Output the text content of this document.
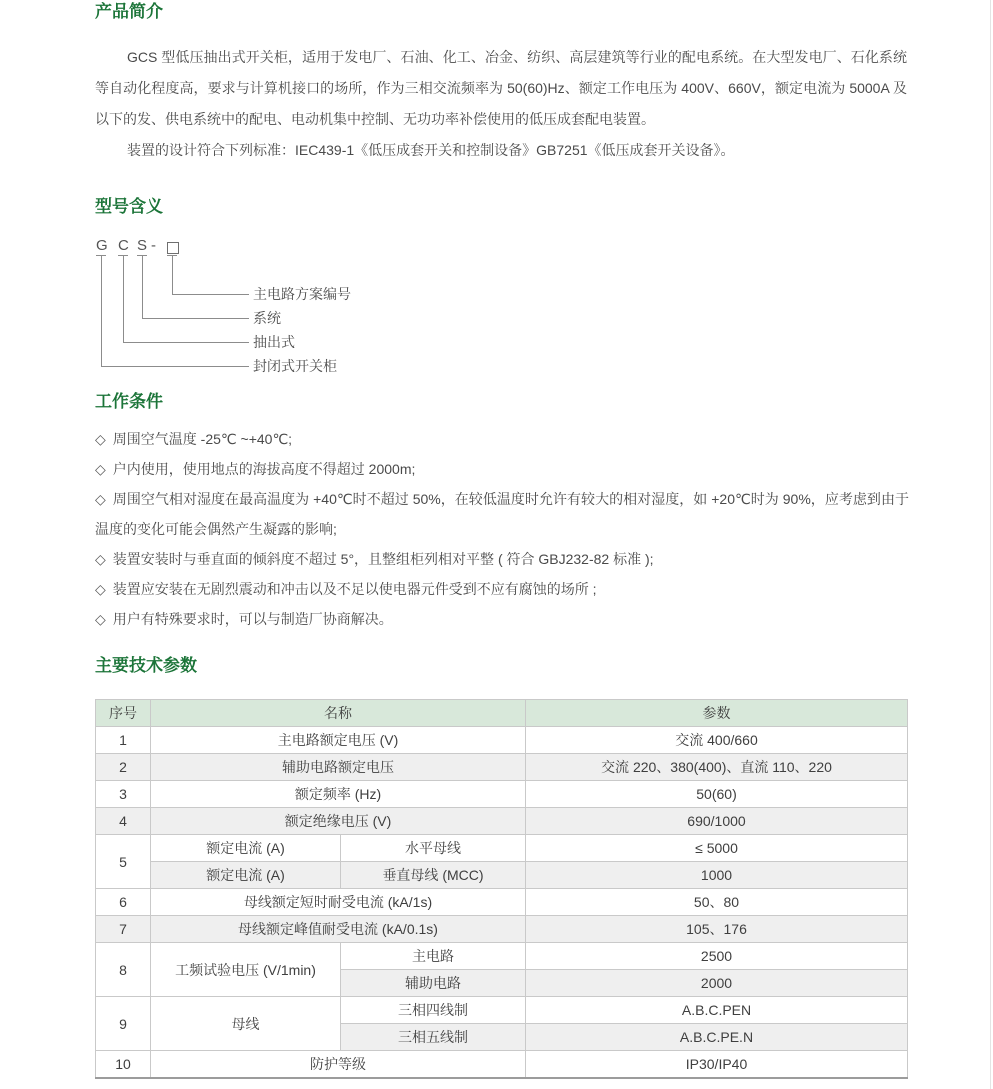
产品简介

GCS 型低压抽出式开关柜，适用于发电厂、石油、化工、冶金、纺织、高层建筑等行业的配电系统。在大型发电厂、石化系统等自动化程度高，要求与计算机接口的场所，作为三相交流频率为 50(60)Hz、额定工作电压为 400V、660V，额定电流为 5000A 及以下的发、供电系统中的配电、电动机集中控制、无功功率补偿使用的低压成套配电装置。

装置的设计符合下列标准：IEC439-1《低压成套开关和控制设备》GB7251《低压成套开关设备》。

型号含义
G C S -
主电路方案编号
系统
抽出式
封闭式开关柜
工作条件
◇ 周围空气温度 -25℃ ~+40℃;
◇ 户内使用，使用地点的海拔高度不得超过 2000m;
◇ 周围空气相对湿度在最高温度为 +40℃时不超过 50%，在较低温度时允许有较大的相对湿度，如 +20℃时为 90%，应考虑到由于温度的变化可能会偶然产生凝露的影响;
◇ 装置安装时与垂直面的倾斜度不超过 5°，且整组柜列相对平整 ( 符合 GBJ232-82 标准 );
◇ 装置应安装在无剧烈震动和冲击以及不足以使电器元件受到不应有腐蚀的场所 ;
◇ 用户有特殊要求时，可以与制造厂协商解决。
主要技术参数
序号	名称		参数
1	主电路额定电压 (V)		交流 400/660
2	辅助电路额定电压		交流 220、380(400)、直流 110、220
3	额定频率 (Hz)		50(60)
4	额定绝缘电压 (V)		690/1000
5	额定电流 (A)	水平母线	≤ 5000
	额定电流 (A)	垂直母线 (MCC)	1000
6	母线额定短时耐受电流 (kA/1s)		50、80
7	母线额定峰值耐受电流 (kA/0.1s)		105、176
8	工频试验电压 (V/1min)	主电路	2500
		辅助电路	2000
9	母线	三相四线制	A.B.C.PEN
		三相五线制	A.B.C.PE.N
10	防护等级		IP30/IP40
